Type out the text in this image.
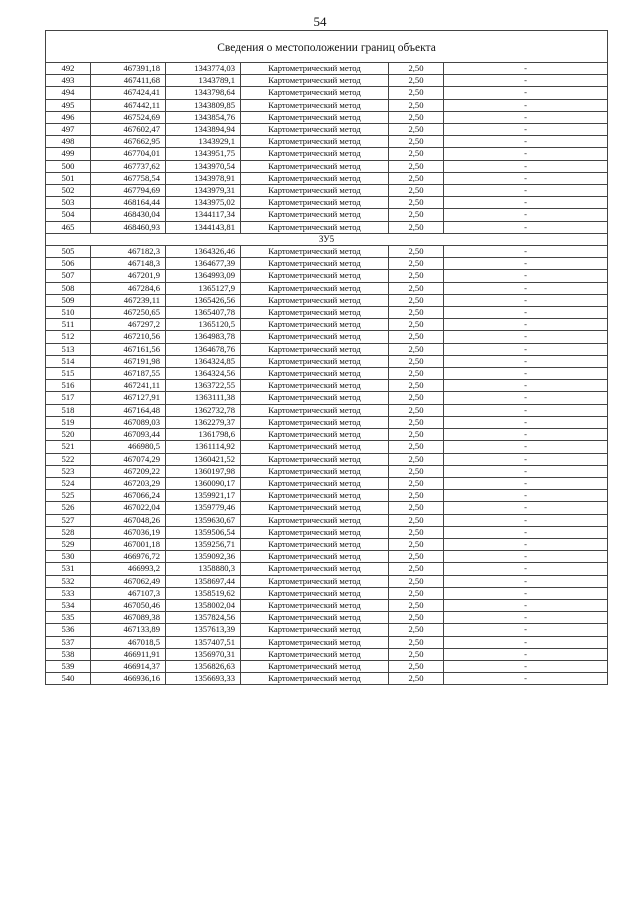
54
Сведения о местоположении границ объекта					
492	467391,18	1343774,03	Картометрический метод	2,50	-
493	467411,68	1343789,1	Картометрический метод	2,50	-
494	467424,41	1343798,64	Картометрический метод	2,50	-
495	467442,11	1343809,85	Картометрический метод	2,50	-
496	467524,69	1343854,76	Картометрический метод	2,50	-
497	467602,47	1343894,94	Картометрический метод	2,50	-
498	467662,95	1343929,1	Картометрический метод	2,50	-
499	467704,01	1343951,75	Картометрический метод	2,50	-
500	467737,62	1343970,54	Картометрический метод	2,50	-
501	467758,54	1343978,91	Картометрический метод	2,50	-
502	467794,69	1343979,31	Картометрический метод	2,50	-
503	468164,44	1343975,02	Картометрический метод	2,50	-
504	468430,04	1344117,34	Картометрический метод	2,50	-
465	468460,93	1344143,81	Картометрический метод	2,50	-
ЗУ5					
505	467182,3	1364326,46	Картометрический метод	2,50	-
506	467148,3	1364677,39	Картометрический метод	2,50	-
507	467201,9	1364993,09	Картометрический метод	2,50	-
508	467284,6	1365127,9	Картометрический метод	2,50	-
509	467239,11	1365426,56	Картометрический метод	2,50	-
510	467250,65	1365407,78	Картометрический метод	2,50	-
511	467297,2	1365120,5	Картометрический метод	2,50	-
512	467210,56	1364983,78	Картометрический метод	2,50	-
513	467161,56	1364678,76	Картометрический метод	2,50	-
514	467191,98	1364324,85	Картометрический метод	2,50	-
515	467187,55	1364324,56	Картометрический метод	2,50	-
516	467241,11	1363722,55	Картометрический метод	2,50	-
517	467127,91	1363111,38	Картометрический метод	2,50	-
518	467164,48	1362732,78	Картометрический метод	2,50	-
519	467089,03	1362279,37	Картометрический метод	2,50	-
520	467093,44	1361798,6	Картометрический метод	2,50	-
521	466980,5	1361114,92	Картометрический метод	2,50	-
522	467074,29	1360421,52	Картометрический метод	2,50	-
523	467209,22	1360197,98	Картометрический метод	2,50	-
524	467203,29	1360090,17	Картометрический метод	2,50	-
525	467066,24	1359921,17	Картометрический метод	2,50	-
526	467022,04	1359779,46	Картометрический метод	2,50	-
527	467048,26	1359630,67	Картометрический метод	2,50	-
528	467036,19	1359506,54	Картометрический метод	2,50	-
529	467001,18	1359256,71	Картометрический метод	2,50	-
530	466976,72	1359092,36	Картометрический метод	2,50	-
531	466993,2	1358880,3	Картометрический метод	2,50	-
532	467062,49	1358697,44	Картометрический метод	2,50	-
533	467107,3	1358519,62	Картометрический метод	2,50	-
534	467050,46	1358002,04	Картометрический метод	2,50	-
535	467089,38	1357824,56	Картометрический метод	2,50	-
536	467133,89	1357613,39	Картометрический метод	2,50	-
537	467018,5	1357407,51	Картометрический метод	2,50	-
538	466911,91	1356970,31	Картометрический метод	2,50	-
539	466914,37	1356826,63	Картометрический метод	2,50	-
540	466936,16	1356693,33	Картометрический метод	2,50	-
